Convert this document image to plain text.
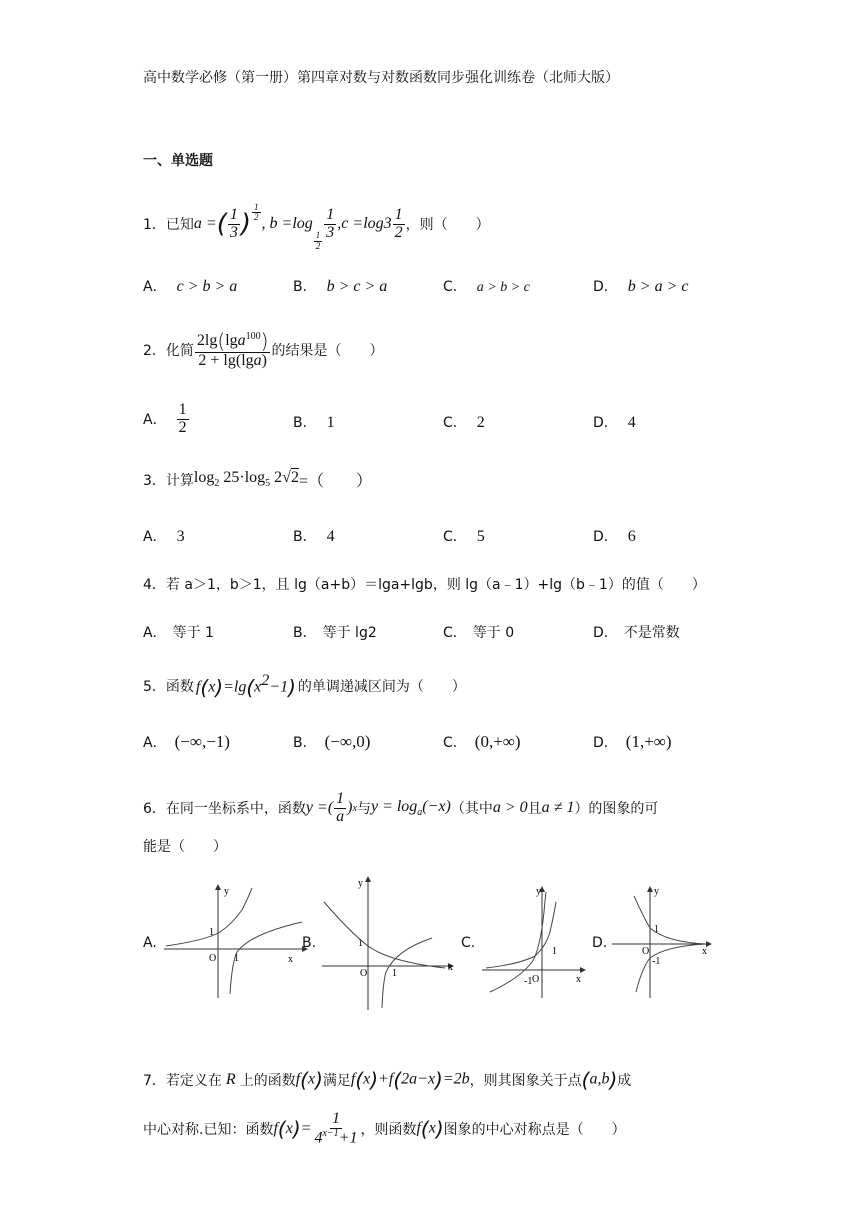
高中数学必修（第一册）第四章对数与对数函数同步强化训练卷（北师大版）
一、单选题
1． 已知 a = ( $\frac{1}{3}$ ) $\frac{1}{2}$
, b = log
$\frac{1}{2}$
$\frac{1}{3}$ , $c = \log 3 \frac{1}{2}$ ，则（　　）
A． c > b > a	B． b > c > a	C． a > b > c	D． b > a > c
2． 化简 $\frac{2\lg(\lg a^{100})}{2 + \lg(\lg a)}$ 的结果是（　　）
A． $\frac{1}{2}$	B． 1	C． 2	D． 4
3． 计算 $\log_2 25\cdot\log_5$ 2√2 =（　　）
A． 3	B． 4	C． 5	D． 6
4．若 a＞1，b＞1，且 lg（a+b）＝lga+lgb，则 lg（a﹣1）+lg（b﹣1）的值（　　）
A． 等于 1	B． 等于 lg2	C． 等于 0	D． 不是常数
5． 函数 $f(x)=\lg(x^2-1)$ 的单调递减区间为（　　）
A． (−∞,−1)	B． (−∞,0)	C． (0,+∞)	D． (1,+∞)
6． 在同一坐标系中，函数 y = ( $\frac{1}{a}$ ) x 与 $y = \log_a(-x)$ （其中 a > 0 且 a ≠ 1 ）的图象的可
能是（　　）
A.
y
x
O
1
1
B.
y
x
O
1
1
C.
y
x
O
-1
1
D.
y
x
O
1
-1
7． 若定义在 R 上的函数 f(x) 满足 f(x)+f(2a−x)=2b ，则其图象关于点 (a,b) 成
中心对称.已知：函数 f ( x ) = $\frac{1}{4^{x-1}+1}$ ，则函数 f(x) 图象的中心对称点是（　　）
